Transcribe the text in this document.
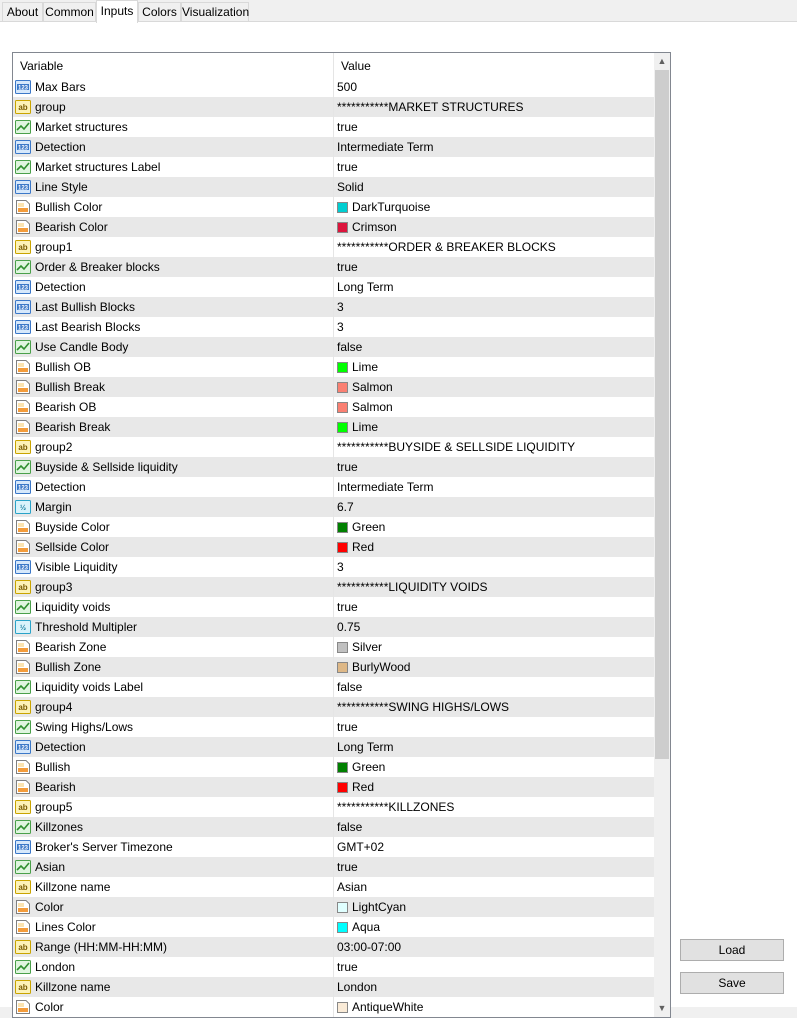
About Common Inputs Colors Visualization
Variable	Value
123 Max Bars	500
ab group	***********MARKET STRUCTURES
Market structures	true
123 Detection	Intermediate Term
Market structures Label	true
123 Line Style	Solid
Bullish Color	DarkTurquoise
Bearish Color	Crimson
ab group1	***********ORDER & BREAKER BLOCKS
Order & Breaker blocks	true
123 Detection	Long Term
123 Last Bullish Blocks	3
123 Last Bearish Blocks	3
Use Candle Body	false
Bullish OB	Lime
Bullish Break	Salmon
Bearish OB	Salmon
Bearish Break	Lime
ab group2	***********BUYSIDE & SELLSIDE LIQUIDITY
Buyside & Sellside liquidity	true
123 Detection	Intermediate Term
½ Margin	6.7
Buyside Color	Green
Sellside Color	Red
123 Visible Liquidity	3
ab group3	***********LIQUIDITY VOIDS
Liquidity voids	true
½ Threshold Multipler	0.75
Bearish Zone	Silver
Bullish Zone	BurlyWood
Liquidity voids Label	false
ab group4	***********SWING HIGHS/LOWS
Swing Highs/Lows	true
123 Detection	Long Term
Bullish	Green
Bearish	Red
ab group5	***********KILLZONES
Killzones	false
123 Broker's Server Timezone	GMT+02
Asian	true
ab Killzone name	Asian
Color	LightCyan
Lines Color	Aqua
ab Range (HH:MM-HH:MM)	03:00-07:00
London	true
ab Killzone name	London
Color	AntiqueWhite
▲
▼
Load
Save
